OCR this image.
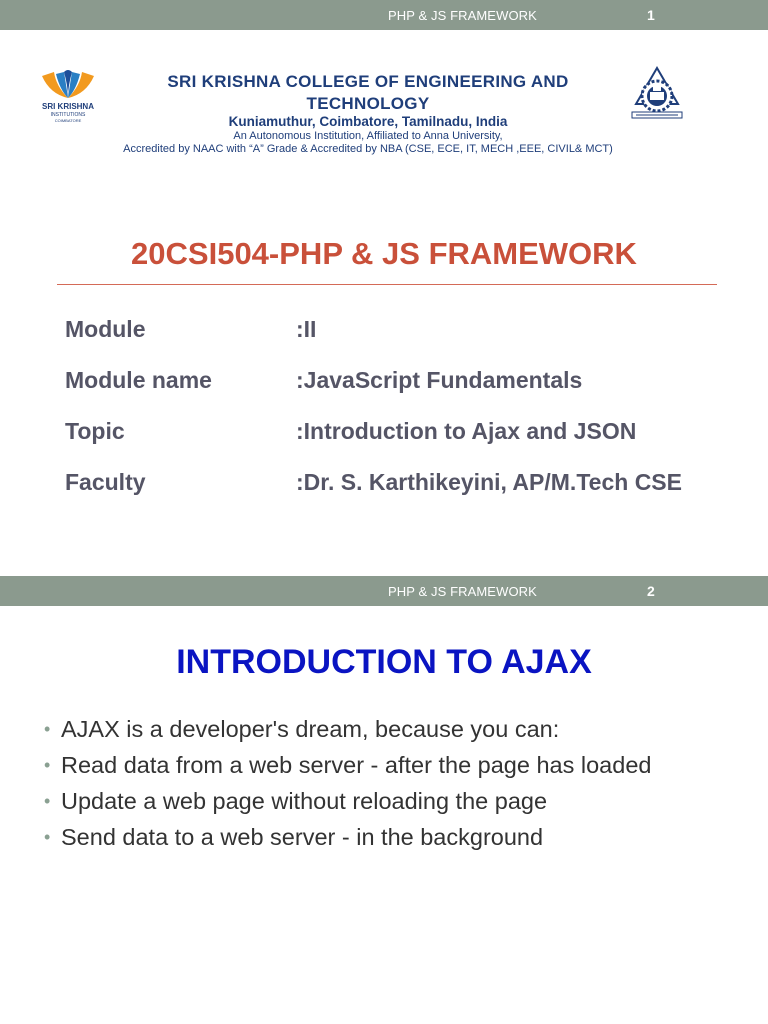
PHP & JS FRAMEWORK	1
SRI KRISHNA
INSTITUTIONS
COIMBATORE
SRI KRISHNA COLLEGE OF ENGINEERING AND
TECHNOLOGY
Kuniamuthur, Coimbatore, Tamilnadu, India
An Autonomous Institution, Affiliated to Anna University,
Accredited by NAAC with “A” Grade & Accredited by NBA (CSE, ECE, IT, MECH ,EEE, CIVIL& MCT)
20CSI504-PHP & JS FRAMEWORK
Module	:II
Module name	:JavaScript Fundamentals
Topic	:Introduction to Ajax and JSON
Faculty	:Dr. S. Karthikeyini, AP/M.Tech CSE
PHP & JS FRAMEWORK	2
INTRODUCTION TO AJAX
• AJAX is a developer's dream, because you can:
• Read data from a web server - after the page has loaded
• Update a web page without reloading the page
• Send data to a web server - in the background
